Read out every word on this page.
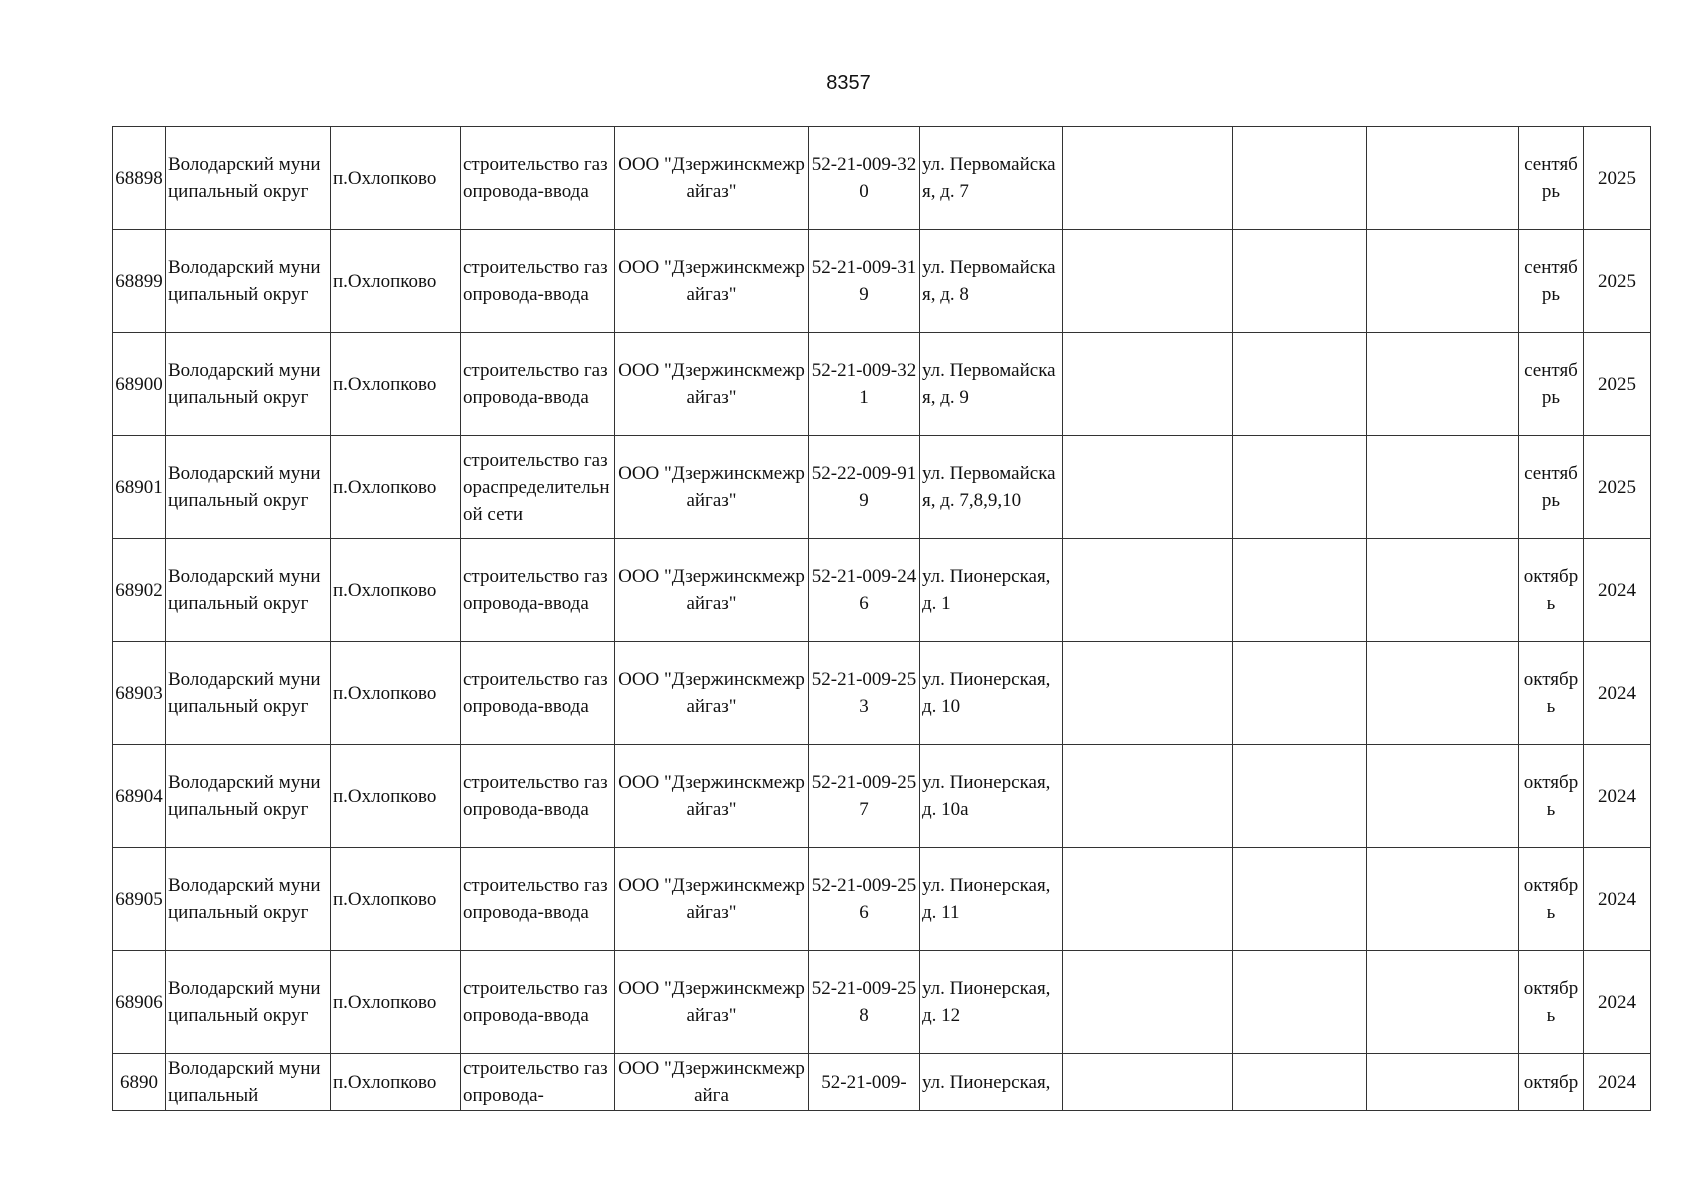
8357
68898	Володарский муниципальный округ	п.Охлопково	строительство газопровода-ввода	ООО "Дзержинскмежрайгаз"	52-21-009-320	ул. Первомайская, д. 7				сентябрь	2025
68899	Володарский муниципальный округ	п.Охлопково	строительство газопровода-ввода	ООО "Дзержинскмежрайгаз"	52-21-009-319	ул. Первомайская, д. 8				сентябрь	2025
68900	Володарский муниципальный округ	п.Охлопково	строительство газопровода-ввода	ООО "Дзержинскмежрайгаз"	52-21-009-321	ул. Первомайская, д. 9				сентябрь	2025
68901	Володарский муниципальный округ	п.Охлопково	строительство газораспределительной сети	ООО "Дзержинскмежрайгаз"	52-22-009-919	ул. Первомайская, д. 7,8,9,10				сентябрь	2025
68902	Володарский муниципальный округ	п.Охлопково	строительство газопровода-ввода	ООО "Дзержинскмежрайгаз"	52-21-009-246	ул. Пионерская, д. 1				октябрь	2024
68903	Володарский муниципальный округ	п.Охлопково	строительство газопровода-ввода	ООО "Дзержинскмежрайгаз"	52-21-009-253	ул. Пионерская, д. 10				октябрь	2024
68904	Володарский муниципальный округ	п.Охлопково	строительство газопровода-ввода	ООО "Дзержинскмежрайгаз"	52-21-009-257	ул. Пионерская, д. 10а				октябрь	2024
68905	Володарский муниципальный округ	п.Охлопково	строительство газопровода-ввода	ООО "Дзержинскмежрайгаз"	52-21-009-256	ул. Пионерская, д. 11				октябрь	2024
68906	Володарский муниципальный округ	п.Охлопково	строительство газопровода-ввода	ООО "Дзержинскмежрайгаз"	52-21-009-258	ул. Пионерская, д. 12				октябрь	2024
6890	Володарский муниципальный	п.Охлопково	строительство газопровода-	ООО "Дзержинскмежрайга	52-21-009-	ул. Пионерская,				октябр	2024
